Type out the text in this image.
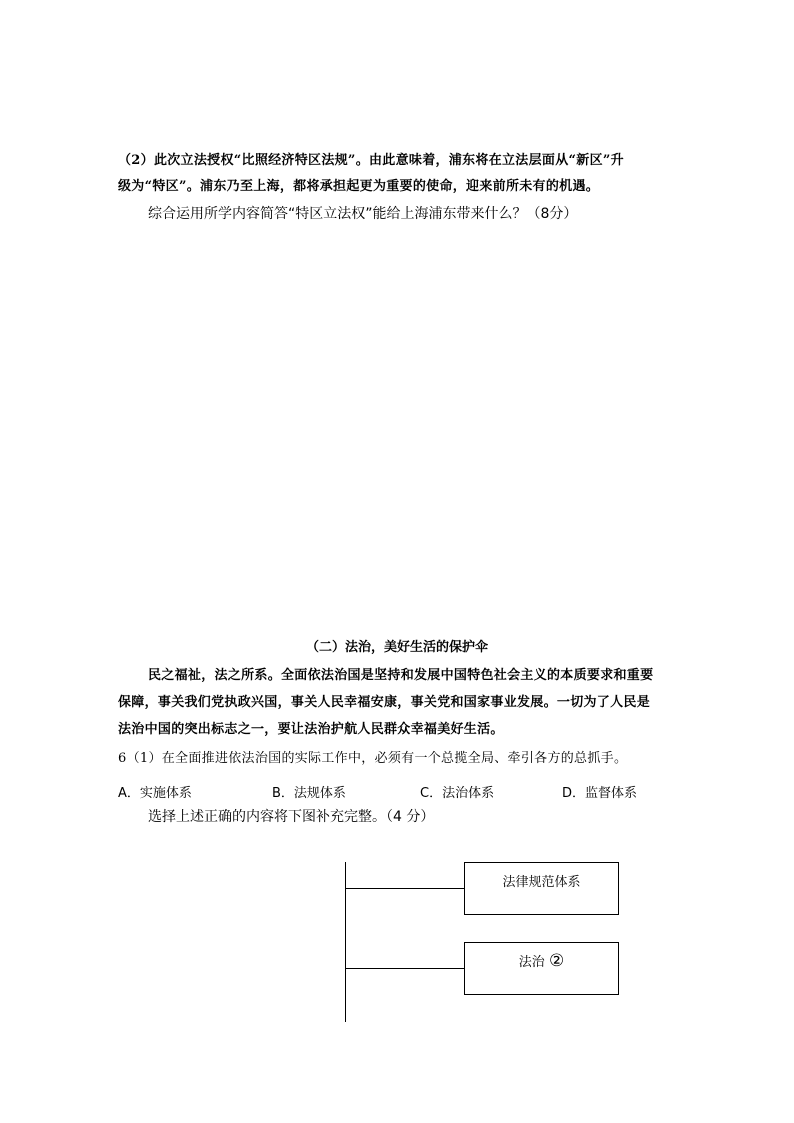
（2）此次立法授权“比照经济特区法规”。由此意味着，浦东将在立法层面从“新区”升
级为“特区”。浦东乃至上海，都将承担起更为重要的使命，迎来前所未有的机遇。
综合运用所学内容简答“特区立法权”能给上海浦东带来什么？（8分）
（二）法治，美好生活的保护伞
民之福祉，法之所系。全面依法治国是坚持和发展中国特色社会主义的本质要求和重要
保障，事关我们党执政兴国，事关人民幸福安康，事关党和国家事业发展。一切为了人民是
法治中国的突出标志之一，要让法治护航人民群众幸福美好生活。
6（1）在全面推进依法治国的实际工作中，必须有一个总揽全局、牵引各方的总抓手。
A．实施体系	B．法规体系	C．法治体系	D．监督体系
选择上述正确的内容将下图补充完整。（4 分）
法律规范体系
法治 ②
